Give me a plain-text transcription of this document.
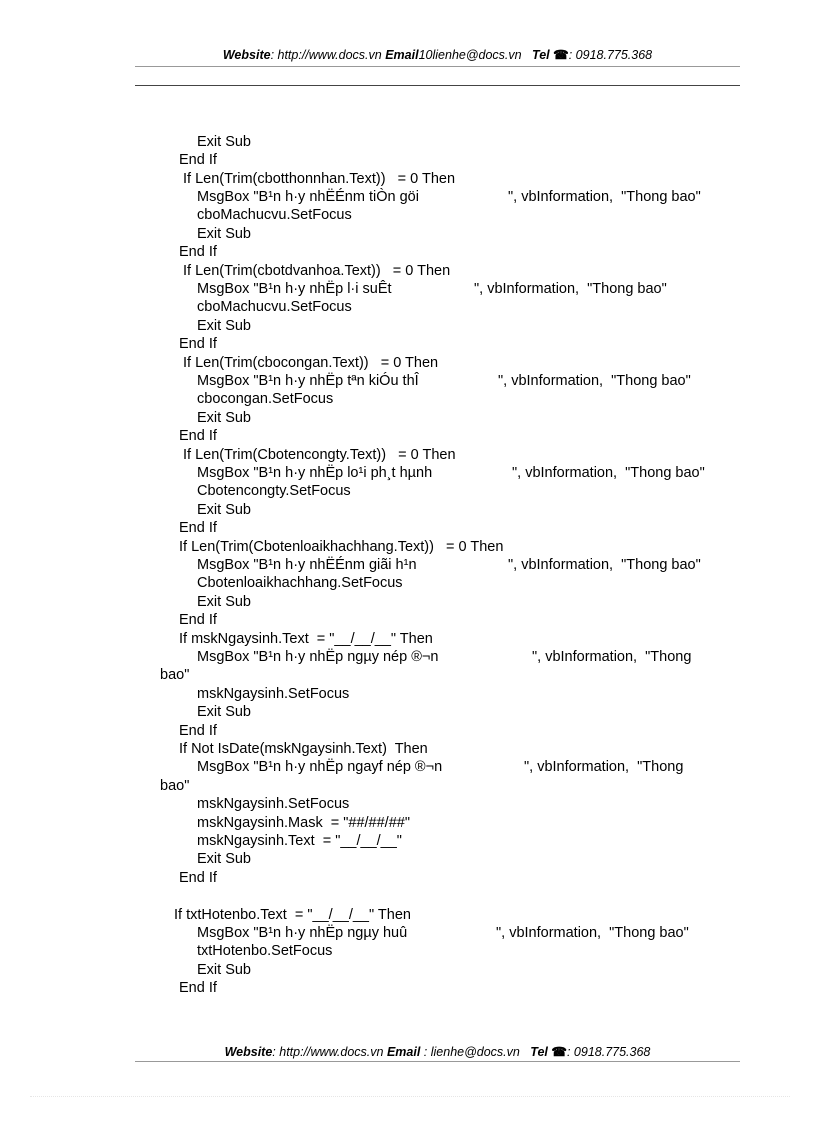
Website: http://www.docs.vn Email10lienhe@docs.vn Tel ☎: 0918.775.368
Exit Sub
End If
If Len(Trim(cbotthonnhan.Text))   = 0 Then
MsgBox "B¹n h·y nhËÉnm tiÒn göi	", vbInformation,  "Thong bao"
cboMachucvu.SetFocus
Exit Sub
End If
If Len(Trim(cbotdvanhoa.Text))   = 0 Then
MsgBox "B¹n h·y nhËp l·i suÊt	", vbInformation,  "Thong bao"
cboMachucvu.SetFocus
Exit Sub
End If
If Len(Trim(cbocongan.Text))   = 0 Then
MsgBox "B¹n h·y nhËp tªn kiÓu thÎ	", vbInformation,  "Thong bao"
cbocongan.SetFocus
Exit Sub
End If
If Len(Trim(Cbotencongty.Text))   = 0 Then
MsgBox "B¹n h·y nhËp lo¹i ph¸t hµnh	", vbInformation,  "Thong bao"
Cbotencongty.SetFocus
Exit Sub
End If
If Len(Trim(Cbotenloaikhachhang.Text))   = 0 Then
MsgBox "B¹n h·y nhËÉnm giãi h¹n	", vbInformation,  "Thong bao"
Cbotenloaikhachhang.SetFocus
Exit Sub
End If
If mskNgaysinh.Text  = "__/__/__" Then
MsgBox "B¹n h·y nhËp ngµy nép ®¬n	", vbInformation,  "Thong
bao"
mskNgaysinh.SetFocus
Exit Sub
End If
If Not IsDate(mskNgaysinh.Text)  Then
MsgBox "B¹n h·y nhËp ngayf nép ®¬n	", vbInformation,  "Thong
bao"
mskNgaysinh.SetFocus
mskNgaysinh.Mask  = "##/##/##"
mskNgaysinh.Text  = "__/__/__"
Exit Sub
End If
If txtHotenbo.Text  = "__/__/__" Then
MsgBox "B¹n h·y nhËp ngµy huû	", vbInformation,  "Thong bao"
txtHotenbo.SetFocus
Exit Sub
End If
Website: http://www.docs.vn Email : lienhe@docs.vn Tel ☎: 0918.775.368
